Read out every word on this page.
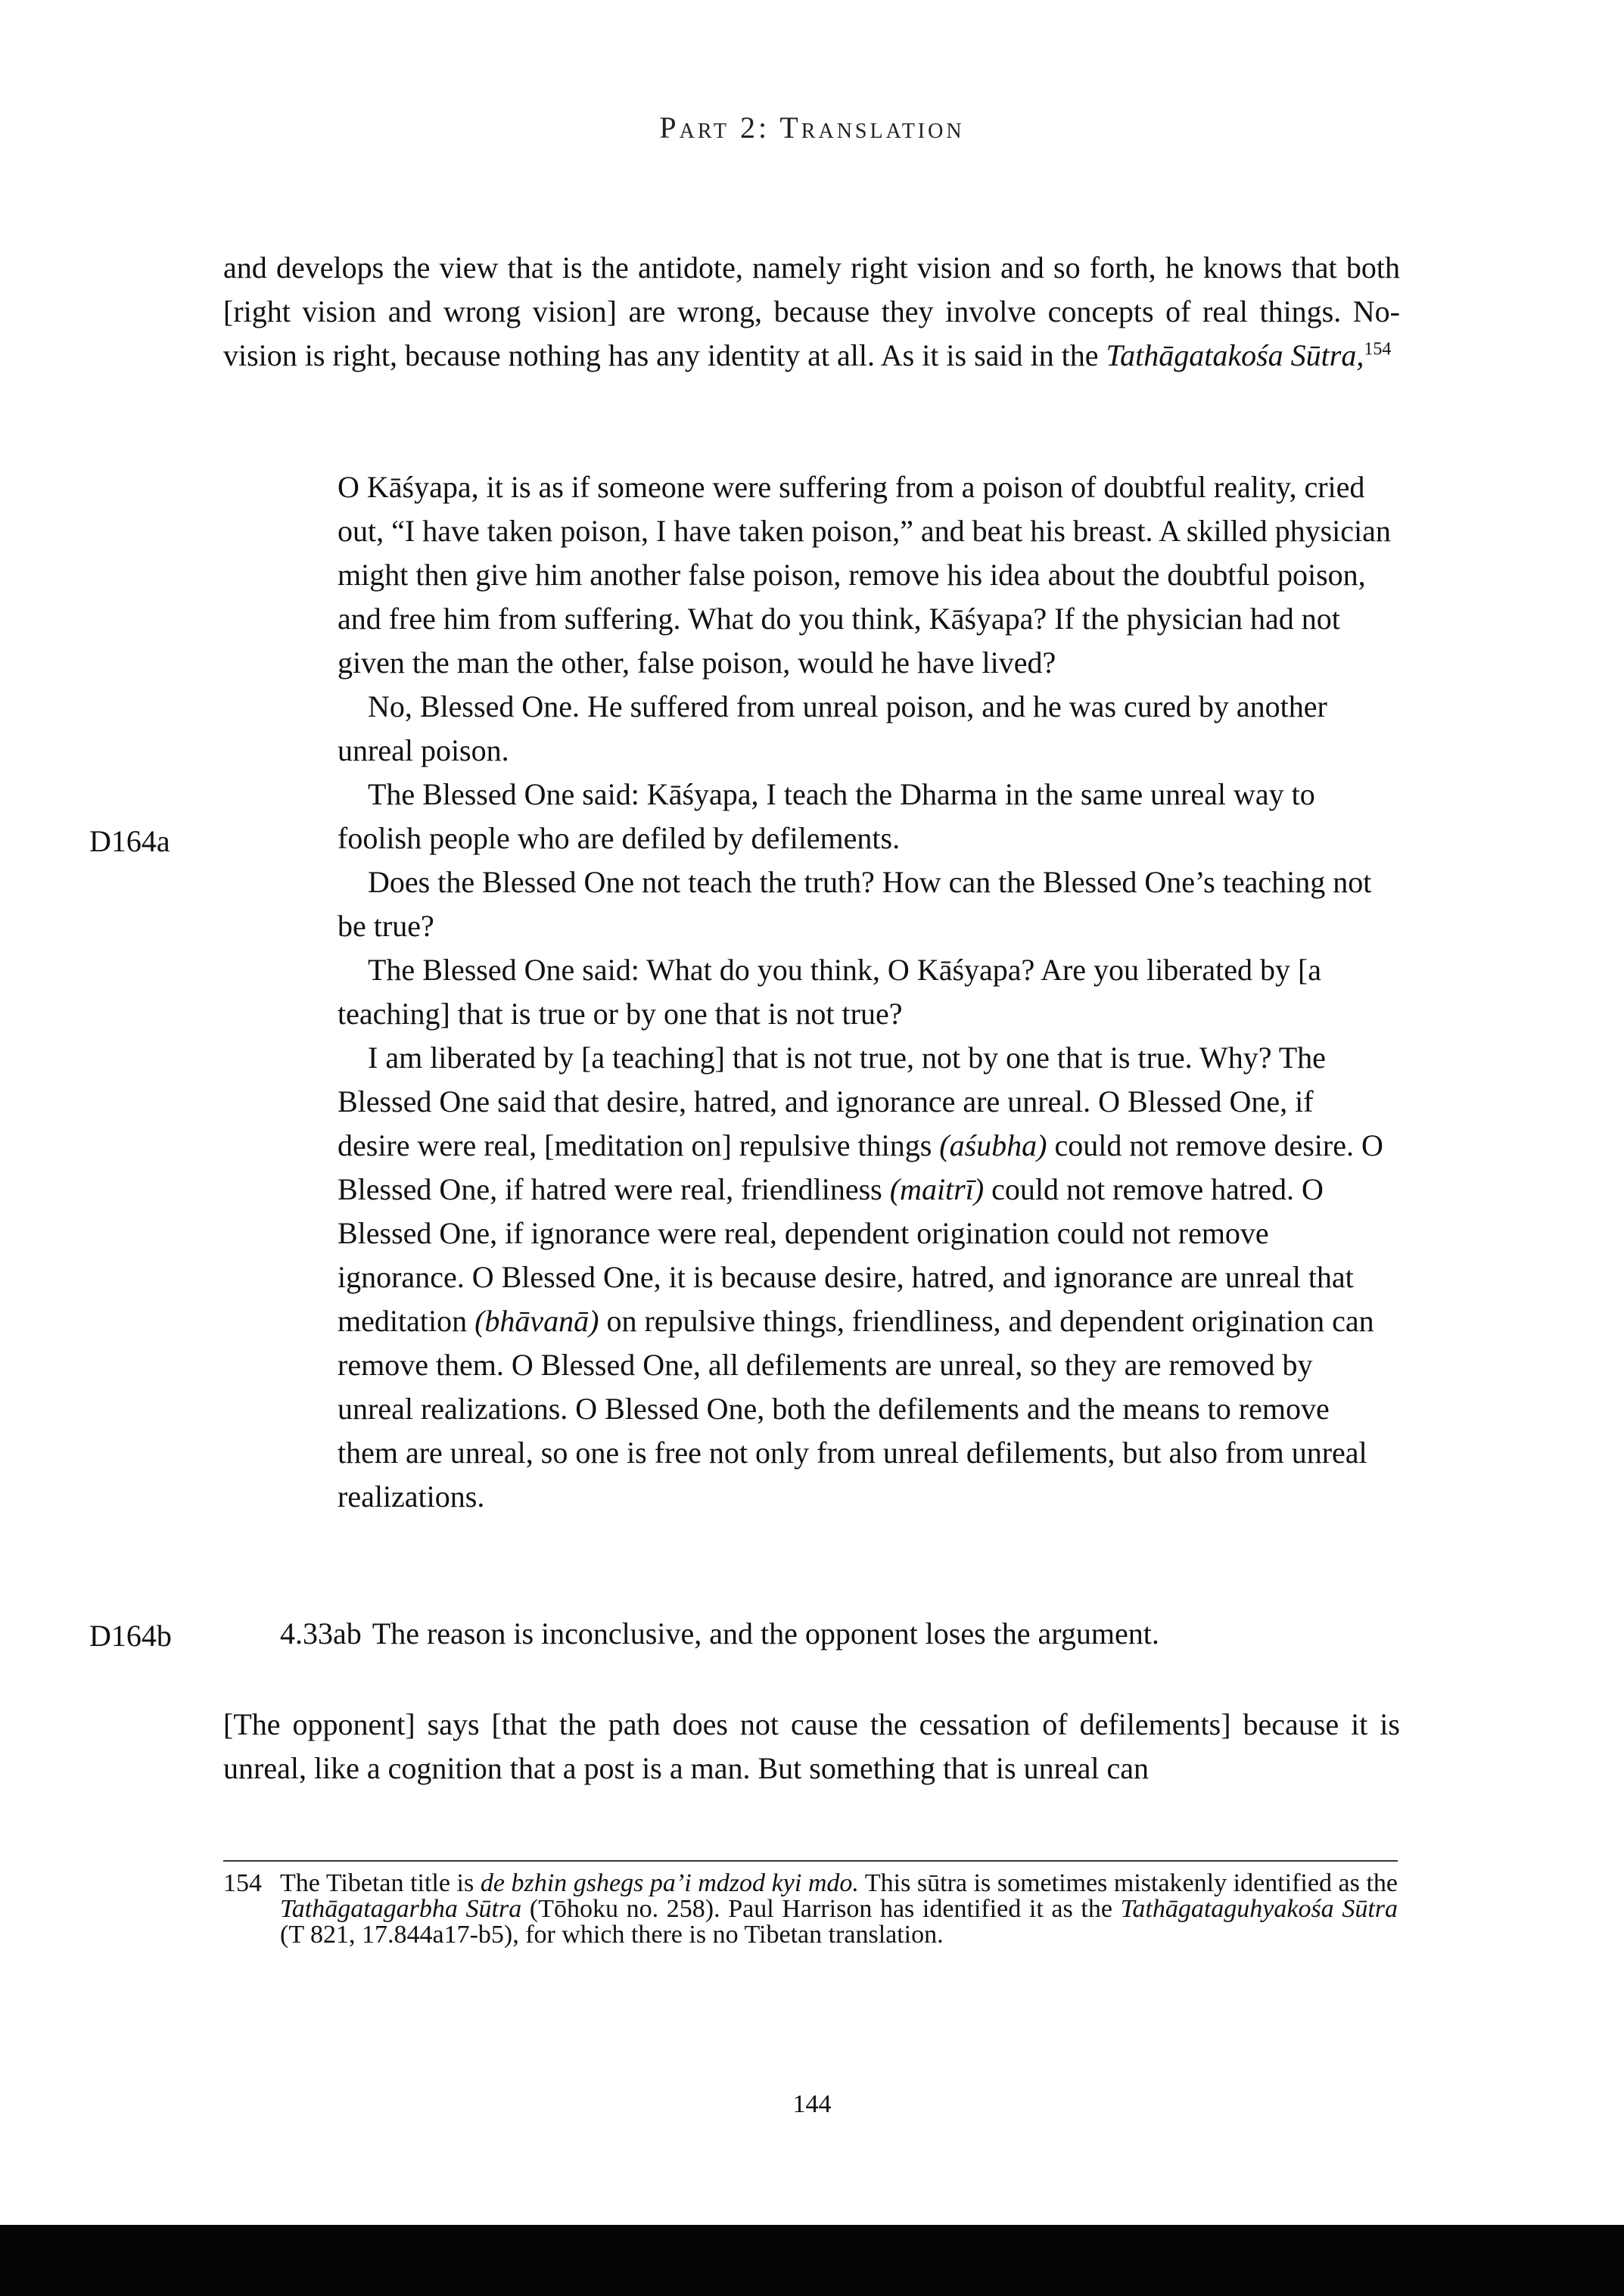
Part 2: Translation

and develops the view that is the antidote, namely right vision and so forth, he knows that both [right vision and wrong vision] are wrong, because they involve concepts of real things. No-vision is right, because nothing has any identity at all. As it is said in the Tathāgatakośa Sūtra,$^{154}$

O Kāśyapa, it is as if someone were suffering from a poison of doubtful reality, cried out, “I have taken poison, I have taken poison,” and beat his breast. A skilled physician might then give him another false poison, remove his idea about the doubtful poison, and free him from suffering. What do you think, Kāśyapa? If the physician had not given the man the other, false poison, would he have lived?

No, Blessed One. He suffered from unreal poison, and he was cured by another unreal poison.

The Blessed One said: Kāśyapa, I teach the Dharma in the same unreal way to foolish people who are defiled by defilements.

Does the Blessed One not teach the truth? How can the Blessed One’s teaching not be true?

The Blessed One said: What do you think, O Kāśyapa? Are you liberated by [a teaching] that is true or by one that is not true?

I am liberated by [a teaching] that is not true, not by one that is true. Why? The Blessed One said that desire, hatred, and ignorance are unreal. O Blessed One, if desire were real, [meditation on] repulsive things (aśubha) could not remove desire. O Blessed One, if hatred were real, friendliness (maitrī) could not remove hatred. O Blessed One, if ignorance were real, dependent origination could not remove ignorance. O Blessed One, it is because desire, hatred, and ignorance are unreal that meditation (bhāvanā) on repulsive things, friendliness, and dependent origination can remove them. O Blessed One, all defilements are unreal, so they are removed by unreal realizations. O Blessed One, both the defilements and the means to remove them are unreal, so one is free not only from unreal defilements, but also from unreal realizations.

D164a
D164b	4.33ab The reason is inconclusive, and the opponent loses the argument.

[The opponent] says [that the path does not cause the cessation of defilements] because it is unreal, like a cognition that a post is a man. But something that is unreal can

154 The Tibetan title is de bzhin gshegs pa’i mdzod kyi mdo. This sūtra is sometimes mistakenly identified as the Tathāgatagarbha Sūtra (Tōhoku no. 258). Paul Harrison has identified it as the Tathāgataguhyakośa Sūtra (T 821, 17.844a17-b5), for which there is no Tibetan translation.
144
